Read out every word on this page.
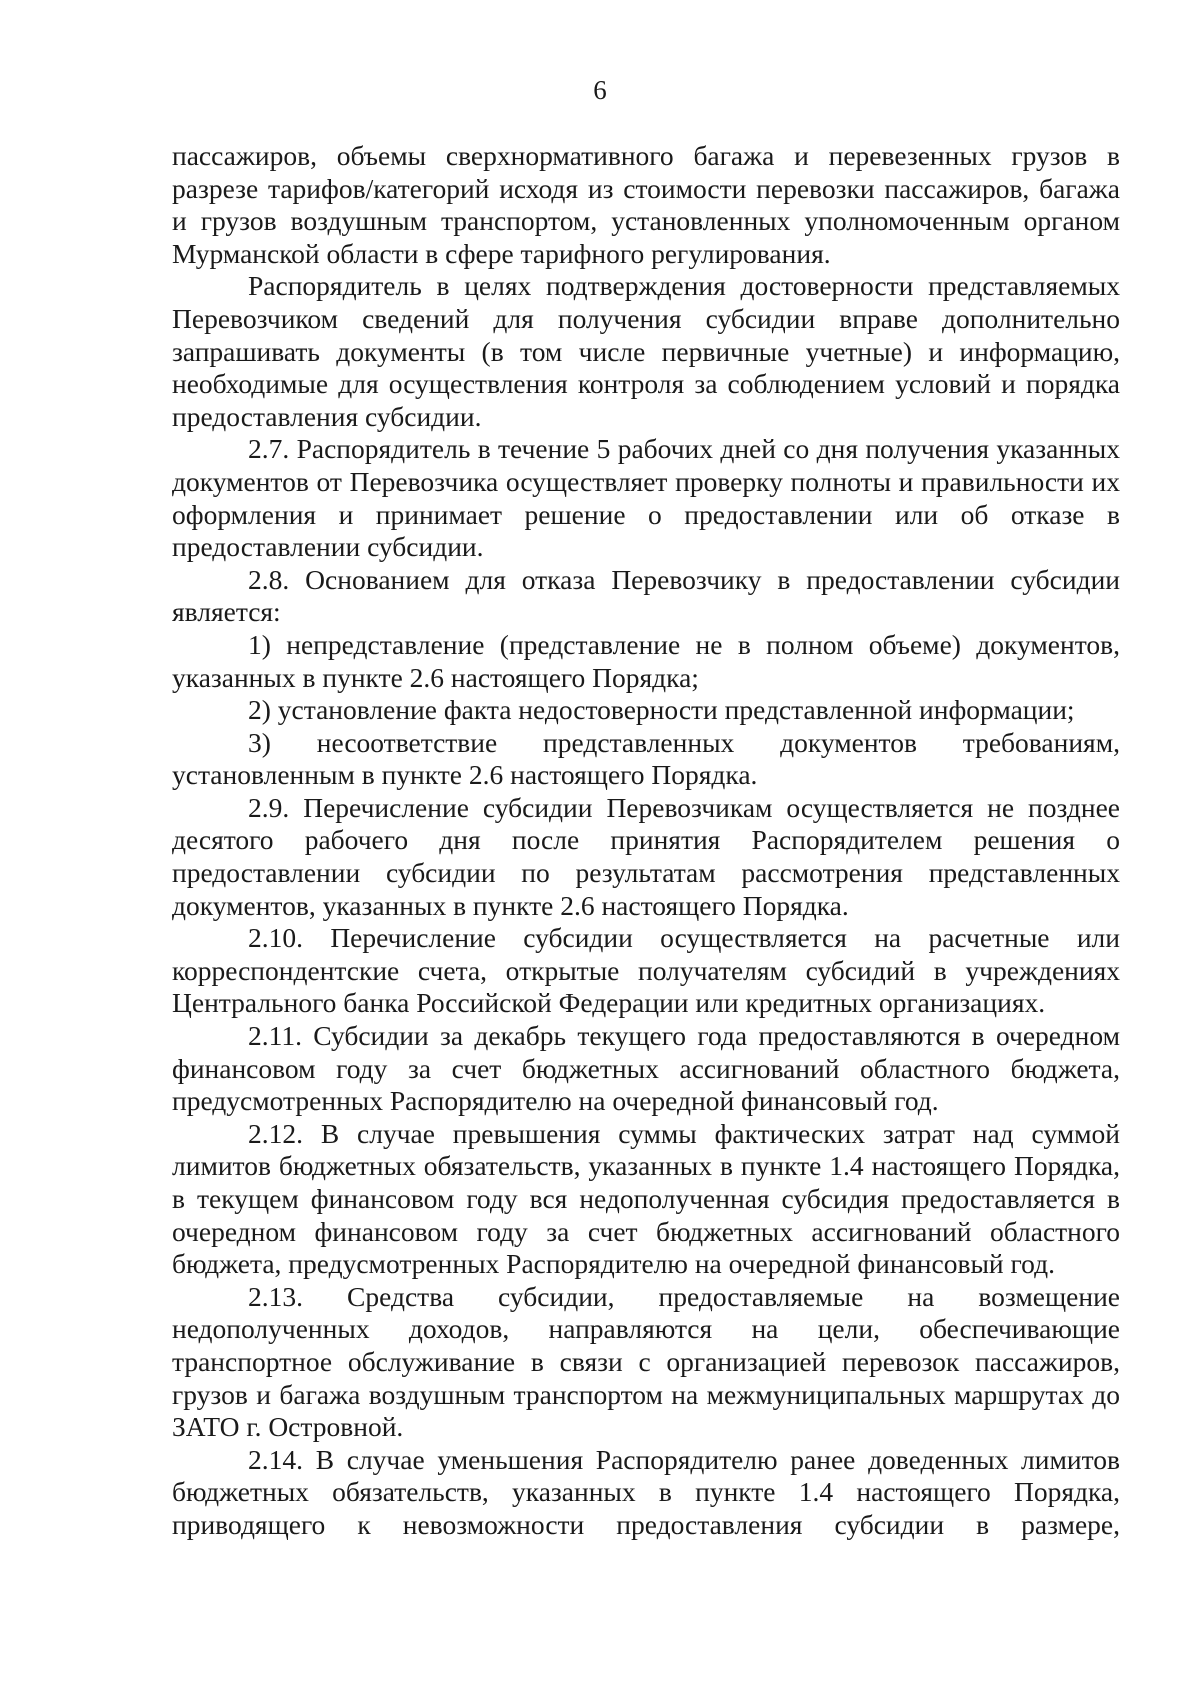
6

пассажиров, объемы сверхнормативного багажа и перевезенных грузов в разрезе тарифов/категорий исходя из стоимости перевозки пассажиров, багажа и грузов воздушным транспортом, установленных уполномоченным органом Мурманской области в сфере тарифного регулирования.

Распорядитель в целях подтверждения достоверности представляемых Перевозчиком сведений для получения субсидии вправе дополнительно запрашивать документы (в том числе первичные учетные) и информацию, необходимые для осуществления контроля за соблюдением условий и порядка предоставления субсидии.

2.7. Распорядитель в течение 5 рабочих дней со дня получения указанных документов от Перевозчика осуществляет проверку полноты и правильности их оформления и принимает решение о предоставлении или об отказе в предоставлении субсидии.

2.8. Основанием для отказа Перевозчику в предоставлении субсидии является:

1) непредставление (представление не в полном объеме) документов, указанных в пункте 2.6 настоящего Порядка;

2) установление факта недостоверности представленной информации;

3) несоответствие представленных документов требованиям, установленным в пункте 2.6 настоящего Порядка.

2.9. Перечисление субсидии Перевозчикам осуществляется не позднее десятого рабочего дня после принятия Распорядителем решения о предоставлении субсидии по результатам рассмотрения представленных документов, указанных в пункте 2.6 настоящего Порядка.

2.10. Перечисление субсидии осуществляется на расчетные или корреспондентские счета, открытые получателям субсидий в учреждениях Центрального банка Российской Федерации или кредитных организациях.

2.11. Субсидии за декабрь текущего года предоставляются в очередном финансовом году за счет бюджетных ассигнований областного бюджета, предусмотренных Распорядителю на очередной финансовый год.

2.12. В случае превышения суммы фактических затрат над суммой лимитов бюджетных обязательств, указанных в пункте 1.4 настоящего Порядка, в текущем финансовом году вся недополученная субсидия предоставляется в очередном финансовом году за счет бюджетных ассигнований областного бюджета, предусмотренных Распорядителю на очередной финансовый год.

2.13. Средства субсидии, предоставляемые на возмещение недополученных доходов, направляются на цели, обеспечивающие транспортное обслуживание в связи с организацией перевозок пассажиров, грузов и багажа воздушным транспортом на межмуниципальных маршрутах до ЗАТО г. Островной.

2.14. В случае уменьшения Распорядителю ранее доведенных лимитов бюджетных обязательств, указанных в пункте 1.4 настоящего Порядка, приводящего к невозможности предоставления субсидии в размере,
